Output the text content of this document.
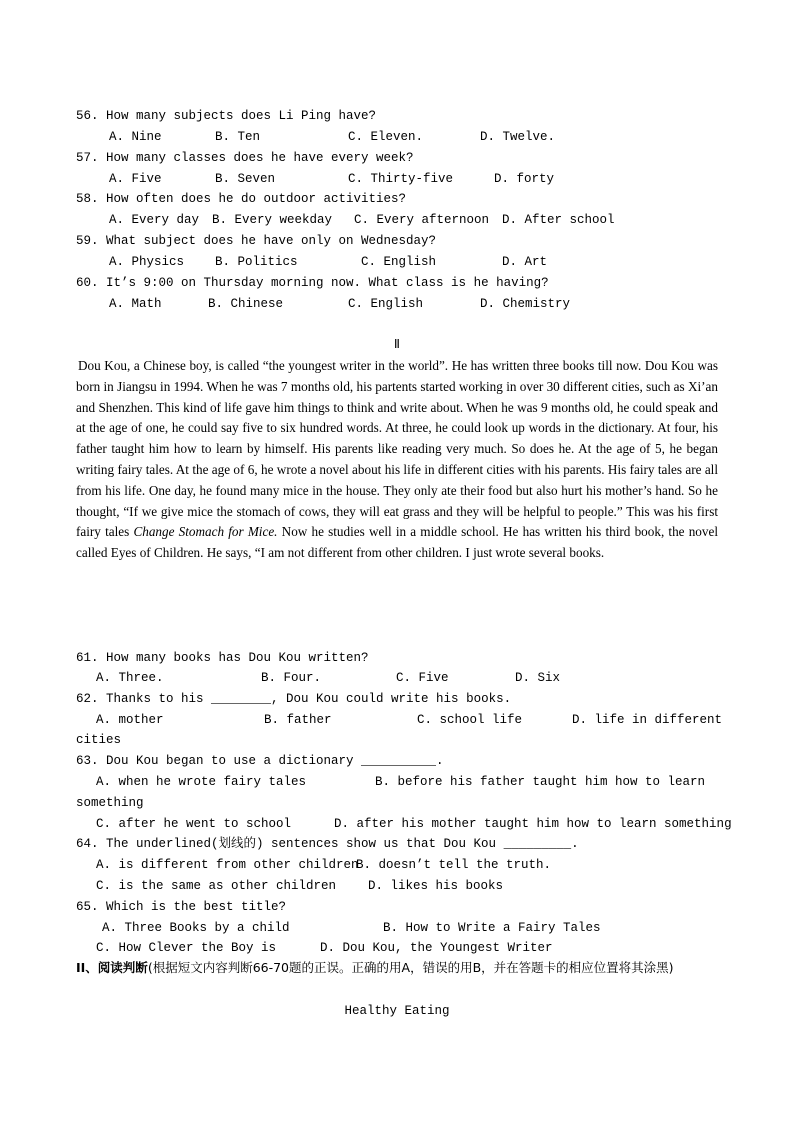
56. How many subjects does Li Ping have?
A. Nine	B. Ten	C. Eleven.	D. Twelve.
57. How many classes does he have every week?
A. Five	B. Seven	C. Thirty-five	D. forty
58. How often does he do outdoor activities?
A. Every day B. Every weekday C. Every afternoon D. After school
59. What subject does he have only on Wednesday?
A. Physics B. Politics	C. English	D. Art
60. It’s 9:00 on Thursday morning now. What class is he having?
A. Math	B. Chinese	C. English	D. Chemistry
Ⅱ
Dou Kou, a Chinese boy, is called “the youngest writer in the world”. He has written three books till now. Dou Kou was born in Jiangsu in 1994. When he was 7 months old, his partents started working in over 30 different cities, such as Xi’an and Shenzhen. This kind of life gave him things to think and write about. When he was 9 months old, he could speak and at the age of one, he could say five to six hundred words. At three, he could look up words in the dictionary. At four, his father taught him how to learn by himself. His parents like reading very much. So does he. At the age of 5, he began writing fairy tales. At the age of 6, he wrote a novel about his life in different cities with his parents. His fairy tales are all from his life. One day, he found many mice in the house. They only ate their food but also hurt his mother’s hand. So he thought, “If we give mice the stomach of cows, they will eat grass and they will be helpful to people.” This was his first fairy tales Change Stomach for Mice. Now he studies well in a middle school. He has written his third book, the novel called Eyes of Children. He says, “I am not different from other children. I just wrote several books.
61. How many books has Dou Kou written?
A. Three.	B. Four.	C. Five	D. Six
62. Thanks to his ________, Dou Kou could write his books.
A. mother	B. father	C. school life	D. life in different
cities
63. Dou Kou began to use a dictionary __________.
A. when he wrote fairy tales	B. before his father taught him how to learn
something
C. after he went to school	D. after his mother taught him how to learn something
64. The underlined(划线的) sentences show us that Dou Kou _________.
A. is different from other children
B. doesn’t tell the truth.
C. is the same as other children	D. likes his books
65. Which is the best title?
A. Three Books by a child	B. How to Write a Fairy Tales
C. How Clever the Boy is	D. Dou Kou, the Youngest Writer
II、阅读判断(根据短文内容判断66-70题的正误。正确的用A，错误的用B，并在答题卡的相应位置将其涂黑)
Healthy Eating
